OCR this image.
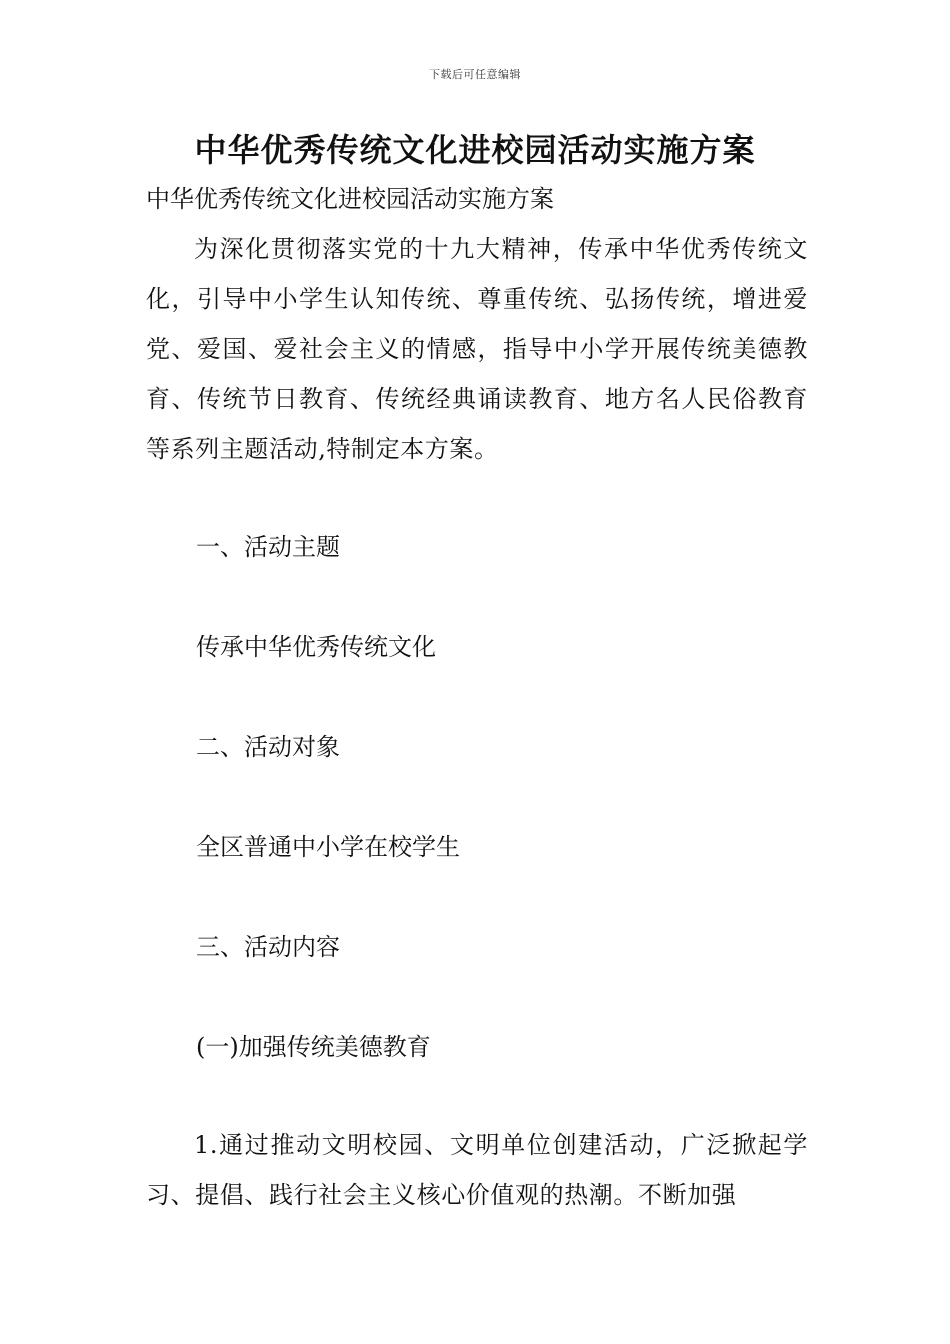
下载后可任意编辑
中华优秀传统文化进校园活动实施方案

中华优秀传统文化进校园活动实施方案

为深化贯彻落实党的十九大精神，传承中华优秀传统文化，引导中小学生认知传统、尊重传统、弘扬传统，增进爱党、爱国、爱社会主义的情感，指导中小学开展传统美德教育、传统节日教育、传统经典诵读教育、地方名人民俗教育等系列主题活动,特制定本方案。

一、活动主题

传承中华优秀传统文化

二、活动对象

全区普通中小学在校学生

三、活动内容

(一)加强传统美德教育

1.通过推动文明校园、文明单位创建活动，广泛掀起学习、提倡、践行社会主义核心价值观的热潮。不断加强
